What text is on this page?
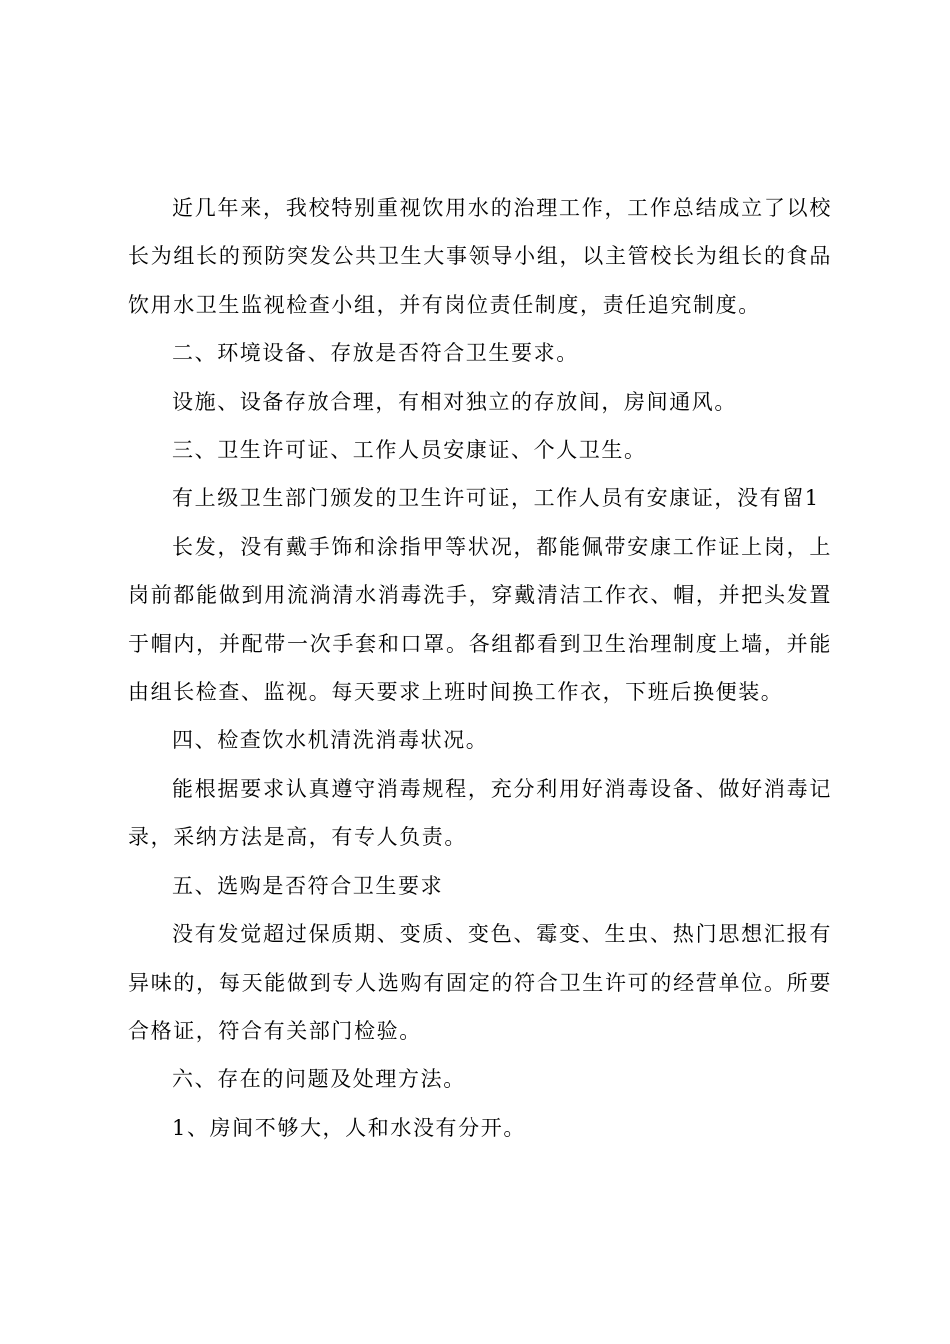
近几年来，我校特别重视饮用水的治理工作，工作总结成立了以校长为组长的预防突发公共卫生大事领导小组，以主管校长为组长的食品饮用水卫生监视检查小组，并有岗位责任制度，责任追究制度。

二、环境设备、存放是否符合卫生要求。

设施、设备存放合理，有相对独立的存放间，房间通风。

三、卫生许可证、工作人员安康证、个人卫生。

有上级卫生部门颁发的卫生许可证，工作人员有安康证，没有留1

长发，没有戴手饰和涂指甲等状况，都能佩带安康工作证上岗，上岗前都能做到用流淌清水消毒洗手，穿戴清洁工作衣、帽，并把头发置于帽内，并配带一次手套和口罩。各组都看到卫生治理制度上墙，并能由组长检查、监视。每天要求上班时间换工作衣，下班后换便装。

四、检查饮水机清洗消毒状况。

能根据要求认真遵守消毒规程，充分利用好消毒设备、做好消毒记录，采纳方法是高，有专人负责。

五、选购是否符合卫生要求

没有发觉超过保质期、变质、变色、霉变、生虫、热门思想汇报有异味的，每天能做到专人选购有固定的符合卫生许可的经营单位。所要合格证，符合有关部门检验。

六、存在的问题及处理方法。

1、房间不够大，人和水没有分开。
